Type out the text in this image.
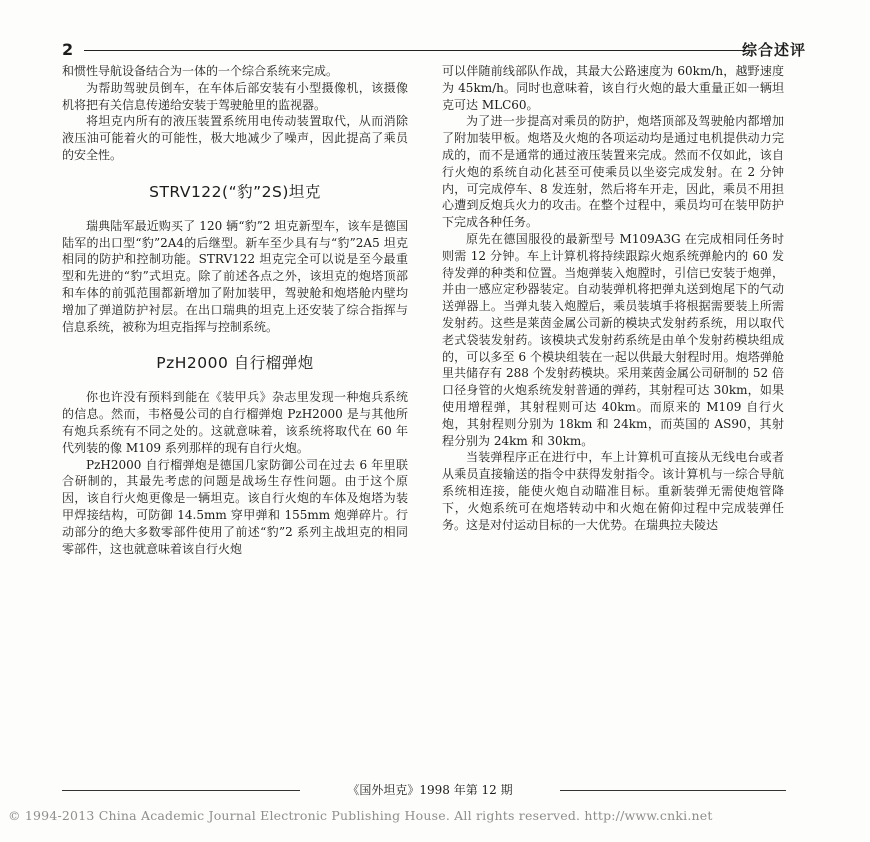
2	综合述评

和惯性导航设备结合为一体的一个综合系统来完成。

为帮助驾驶员倒车，在车体后部安装有小型摄像机，该摄像机将把有关信息传递给安装于驾驶舱里的监视器。

将坦克内所有的液压装置系统用电传动装置取代，从而消除液压油可能着火的可能性，极大地减少了噪声，因此提高了乘员的安全性。

STRV122(“豹”2S)坦克

瑞典陆军最近购买了 120 辆“豹”2 坦克新型车，该车是德国陆军的出口型“豹”2A4的后继型。新车至少具有与“豹”2A5 坦克相同的防护和控制功能。STRV122 坦克完全可以说是至今最重型和先进的“豹”式坦克。除了前述各点之外，该坦克的炮塔顶部和车体的前弧范围都新增加了附加装甲，驾驶舱和炮塔舱内壁均增加了弹道防护衬层。在出口瑞典的坦克上还安装了综合指挥与信息系统，被称为坦克指挥与控制系统。

PzH2000 自行榴弹炮

你也许没有预料到能在《装甲兵》杂志里发现一种炮兵系统的信息。然而，韦格曼公司的自行榴弹炮 PzH2000 是与其他所有炮兵系统有不同之处的。这就意味着，该系统将取代在 60 年代列装的像 M109 系列那样的现有自行火炮。

PzH2000 自行榴弹炮是德国几家防御公司在过去 6 年里联合研制的，其最先考虑的问题是战场生存性问题。由于这个原因，该自行火炮更像是一辆坦克。该自行火炮的车体及炮塔为装甲焊接结构，可防御 14.5mm 穿甲弹和 155mm 炮弹碎片。行动部分的绝大多数零部件使用了前述“豹”2 系列主战坦克的相同零部件，这也就意味着该自行火炮

可以伴随前线部队作战，其最大公路速度为 60km/h，越野速度为 45km/h。同时也意味着，该自行火炮的最大重量正如一辆坦克可达 MLC60。

为了进一步提高对乘员的防护，炮塔顶部及驾驶舱内都增加了附加装甲板。炮塔及火炮的各项运动均是通过电机提供动力完成的，而不是通常的通过液压装置来完成。然而不仅如此，该自行火炮的系统自动化甚至可使乘员以坐姿完成发射。在 2 分钟内，可完成停车、8 发连射，然后将车开走，因此，乘员不用担心遭到反炮兵火力的攻击。在整个过程中，乘员均可在装甲防护下完成各种任务。

原先在德国服役的最新型号 M109A3G 在完成相同任务时则需 12 分钟。车上计算机将持续跟踪火炮系统弹舱内的 60 发待发弹的种类和位置。当炮弹装入炮膛时，引信已安装于炮弹，并由一感应定秒器装定。自动装弹机将把弹丸送到炮尾下的气动送弹器上。当弹丸装入炮膛后，乘员装填手将根据需要装上所需发射药。这些是莱茵金属公司新的模块式发射药系统，用以取代老式袋装发射药。该模块式发射药系统是由单个发射药模块组成的，可以多至 6 个模块组装在一起以供最大射程时用。炮塔弹舱里共储存有 288 个发射药模块。采用莱茵金属公司研制的 52 倍口径身管的火炮系统发射普通的弹药，其射程可达 30km，如果使用增程弹，其射程则可达 40km。而原来的 M109 自行火炮，其射程则分别为 18km 和 24km，而英国的 AS90，其射程分别为 24km 和 30km。

当装弹程序正在进行中，车上计算机可直接从无线电台或者从乘员直接输送的指令中获得发射指令。该计算机与一综合导航系统相连接，能使火炮自动瞄准目标。重新装弹无需使炮管降下，火炮系统可在炮塔转动中和火炮在俯仰过程中完成装弹任务。这是对付运动目标的一大优势。在瑞典拉夫陵达

《国外坦克》1998 年第 12 期
© 1994-2013 China Academic Journal Electronic Publishing House. All rights reserved. http://www.cnki.net
